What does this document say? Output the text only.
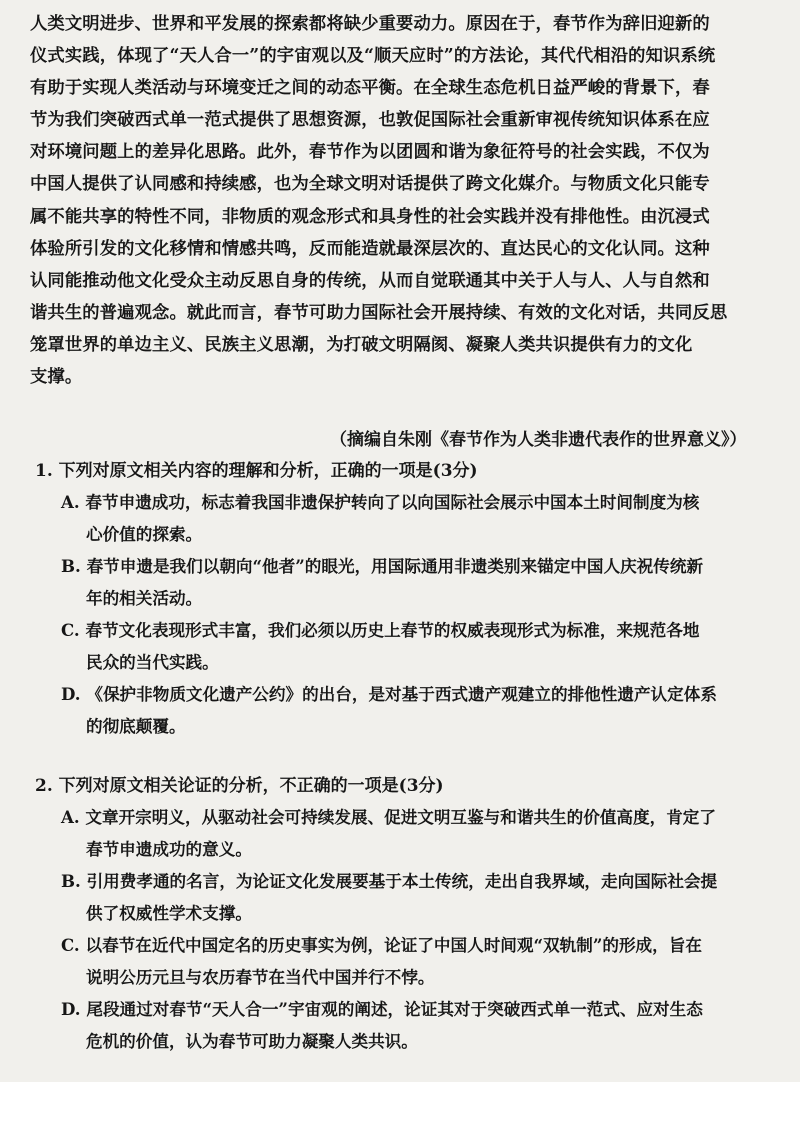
人类文明进步、世界和平发展的探索都将缺少重要动力。原因在于，春节作为辞旧迎新的
仪式实践，体现了“天人合一”的宇宙观以及“顺天应时”的方法论，其代代相沿的知识系统
有助于实现人类活动与环境变迁之间的动态平衡。在全球生态危机日益严峻的背景下，春
节为我们突破西式单一范式提供了思想资源，也敦促国际社会重新审视传统知识体系在应
对环境问题上的差异化思路。此外，春节作为以团圆和谐为象征符号的社会实践，不仅为
中国人提供了认同感和持续感，也为全球文明对话提供了跨文化媒介。与物质文化只能专
属不能共享的特性不同，非物质的观念形式和具身性的社会实践并没有排他性。由沉浸式
体验所引发的文化移情和情感共鸣，反而能造就最深层次的、直达民心的文化认同。这种
认同能推动他文化受众主动反思自身的传统，从而自觉联通其中关于人与人、人与自然和
谐共生的普遍观念。就此而言，春节可助力国际社会开展持续、有效的文化对话，共同反思
笼罩世界的单边主义、民族主义思潮，为打破文明隔阂、凝聚人类共识提供有力的文化
支撑。
（摘编自朱刚《春节作为人类非遗代表作的世界意义》）
1. 下列对原文相关内容的理解和分析，正确的一项是(3分)
A. 春节申遗成功，标志着我国非遗保护转向了以向国际社会展示中国本土时间制度为核
心价值的探索。
B. 春节申遗是我们以朝向“他者”的眼光，用国际通用非遗类别来锚定中国人庆祝传统新
年的相关活动。
C. 春节文化表现形式丰富，我们必须以历史上春节的权威表现形式为标准，来规范各地
民众的当代实践。
D. 《保护非物质文化遗产公约》的出台，是对基于西式遗产观建立的排他性遗产认定体系
的彻底颠覆。
2. 下列对原文相关论证的分析，不正确的一项是(3分)
A. 文章开宗明义，从驱动社会可持续发展、促进文明互鉴与和谐共生的价值高度，肯定了
春节申遗成功的意义。
B. 引用费孝通的名言，为论证文化发展要基于本土传统，走出自我界域，走向国际社会提
供了权威性学术支撑。
C. 以春节在近代中国定名的历史事实为例，论证了中国人时间观“双轨制”的形成，旨在
说明公历元旦与农历春节在当代中国并行不悖。
D. 尾段通过对春节“天人合一”宇宙观的阐述，论证其对于突破西式单一范式、应对生态
危机的价值，认为春节可助力凝聚人类共识。
